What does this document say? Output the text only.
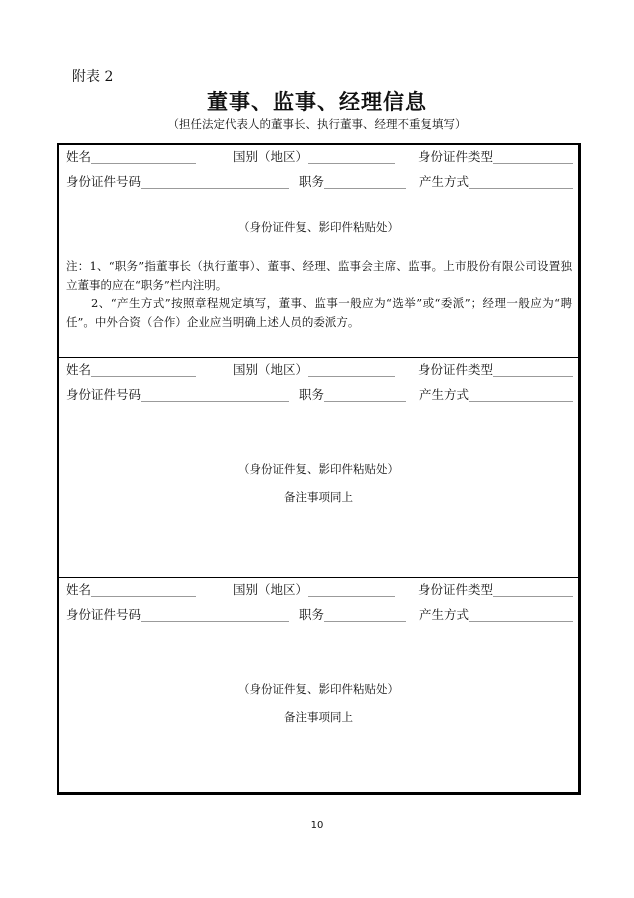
附表 2
董事、监事、经理信息
（担任法定代表人的董事长、执行董事、经理不重复填写）
姓名	国别（地区）	身份证件类型
身份证件号码	职务	产生方式
（身份证件复、影印件粘贴处）

注：1、“职务”指董事长（执行董事）、董事、经理、监事会主席、监事。上市股份有限公司设置独立董事的应在“职务”栏内注明。

2、“产生方式”按照章程规定填写，董事、监事一般应为“选举”或“委派”；经理一般应为“聘任”。中外合资（合作）企业应当明确上述人员的委派方。

姓名	国别（地区）	身份证件类型
身份证件号码	职务	产生方式
（身份证件复、影印件粘贴处）
备注事项同上
姓名	国别（地区）	身份证件类型
身份证件号码	职务	产生方式
（身份证件复、影印件粘贴处）
备注事项同上
10
